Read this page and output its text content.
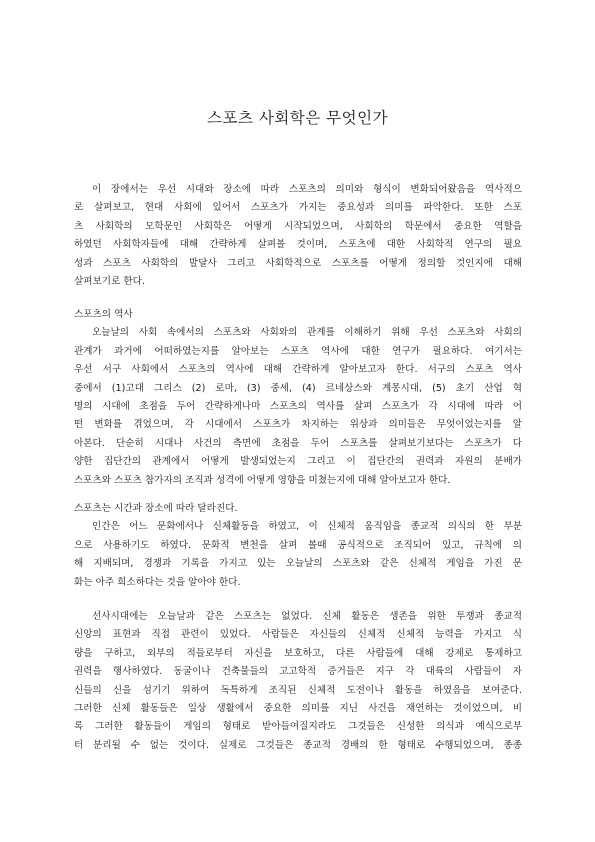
스포츠 사회학은 무엇인가
이 장에서는 우선 시대와 장소에 따라 스포츠의 의미와 형식이 변화되어왔음을 역사적으
로 살펴보고, 현대 사회에 있어서 스포츠가 가지는 중요성과 의미를 파악한다. 또한 스포
츠 사회학의 모학문인 사회학은 어떻게 시작되었으며, 사회학의 학문에서 중요한 역할을
하였던 사회학자들에 대해 간략하게 살펴볼 것이며, 스포츠에 대한 사회학적 연구의 필요
성과 스포츠 사회학의 발달사 그리고 사회학적으로 스포츠를 어떻게 정의할 것인지에 대해
살펴보기로 한다.
스포츠의 역사
오늘날의 사회 속에서의 스포츠와 사회와의 관계를 이해하기 위해 우선 스포츠와 사회의
관계가 과거에 어떠하였는지를 알아보는 스포츠 역사에 대한 연구가 필요하다. 여기서는
우선 서구 사회에서 스포츠의 역사에 대해 간략하게 알아보고자 한다. 서구의 스포츠 역사
중에서 (1)고대 그리스 (2) 로마, (3) 중세, (4) 르네상스와 계몽시대, (5) 초기 산업 혁
명의 시대에 초점을 두어 간략하게나마 스포츠의 역사를 살펴 스포츠가 각 시대에 따라 어
떤 변화를 겪었으며, 각 시대에서 스포츠가 차지하는 위상과 의미들은 무엇이었는지를 알
아본다. 단순히 시대나 사건의 측면에 초점을 두어 스포츠를 살펴보기보다는 스포츠가 다
양한 집단간의 관계에서 어떻게 발생되었는지 그리고 이 집단간의 권력과 자원의 분배가
스포츠와 스포츠 참가자의 조직과 성격에 어떻게 영향을 미쳤는지에 대해 알아보고자 한다.
스포츠는 시간과 장소에 따라 달라진다.
인간은 어느 문화에서나 신체활동을 하였고, 이 신체적 움직임을 종교적 의식의 한 부분
으로 사용하기도 하였다. 문화적 변천을 살펴 볼때 공식적으로 조직되어 있고, 규칙에 의
해 지배되며, 경쟁과 기록을 가지고 있는 오늘날의 스포츠와 같은 신체적 게임을 가진 문
화는 아주 희소하다는 것을 알아야 한다.
선사시대에는 오늘날과 같은 스포츠는 없었다. 신체 활동은 생존을 위한 투쟁과 종교적
신앙의 표현과 직접 관련이 있었다. 사람들은 자신들의 신체적 신체적 능력을 가지고 식
량을 구하고, 외부의 적들로부터 자신을 보호하고, 다른 사람들에 대해 강제로 통제하고
권력을 행사하였다. 동굴이나 건축물들의 고고학적 증거들은 지구 각 대륙의 사람들이 자
신들의 신을 섬기기 위하여 독특하게 조직된 신체적 도전이나 활동을 하였음을 보여준다.
그러한 신체 활동들은 일상 생활에서 중요한 의미를 지닌 사건을 재연하는 것이었으며, 비
록 그러한 활동들이 게임의 형태로 받아들여질지라도 그것들은 신성한 의식과 예식으로부
터 분리될 수 없는 것이다. 실제로 그것들은 종교적 경배의 한 형태로 수행되었으며, 종종
